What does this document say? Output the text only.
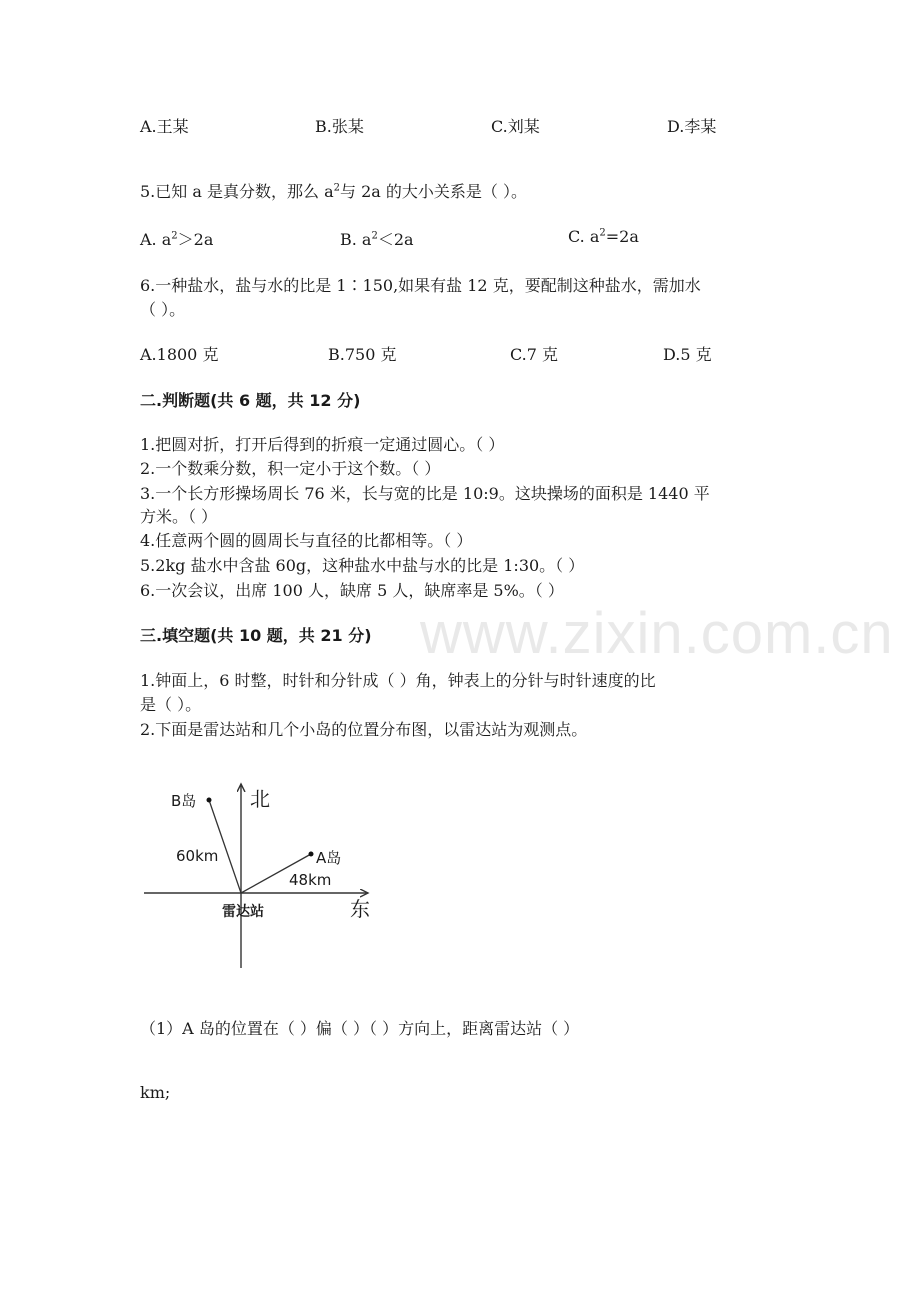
www.zixin.com.cn
A.王某	B.张某	C.刘某	D.李某
5.已知 a 是真分数，那么 $a^2$与 2a 的大小关系是（ ）。
A. $a^2>2a$	B. $a^2<2a$	C. $a^2=2a$
6.一种盐水，盐与水的比是 1∶150,如果有盐 12 克，要配制这种盐水，需加水
（ ）。
A.1800 克	B.750 克	C.7 克	D.5 克
二.判断题(共 6 题，共 12 分)
1.把圆对折，打开后得到的折痕一定通过圆心。（ ）
2.一个数乘分数，积一定小于这个数。（ ）
3.一个长方形操场周长 76 米，长与宽的比是 10:9。这块操场的面积是 1440 平
方米。（ ）
4.任意两个圆的圆周长与直径的比都相等。（ ）
5.2kg 盐水中含盐 60g，这种盐水中盐与水的比是 1:30。（ ）
6.一次会议，出席 100 人，缺席 5 人，缺席率是 5%。（ ）
三.填空题(共 10 题，共 21 分)
1.钟面上，6 时整，时针和分针成（ ）角，钟表上的分针与时针速度的比
是（ ）。
2.下面是雷达站和几个小岛的位置分布图，以雷达站为观测点。
北
东
B岛
60km	A岛
48km
雷达站
（1）A 岛的位置在（ ）偏（ ）（ ）方向上，距离雷达站（ ）
km;
